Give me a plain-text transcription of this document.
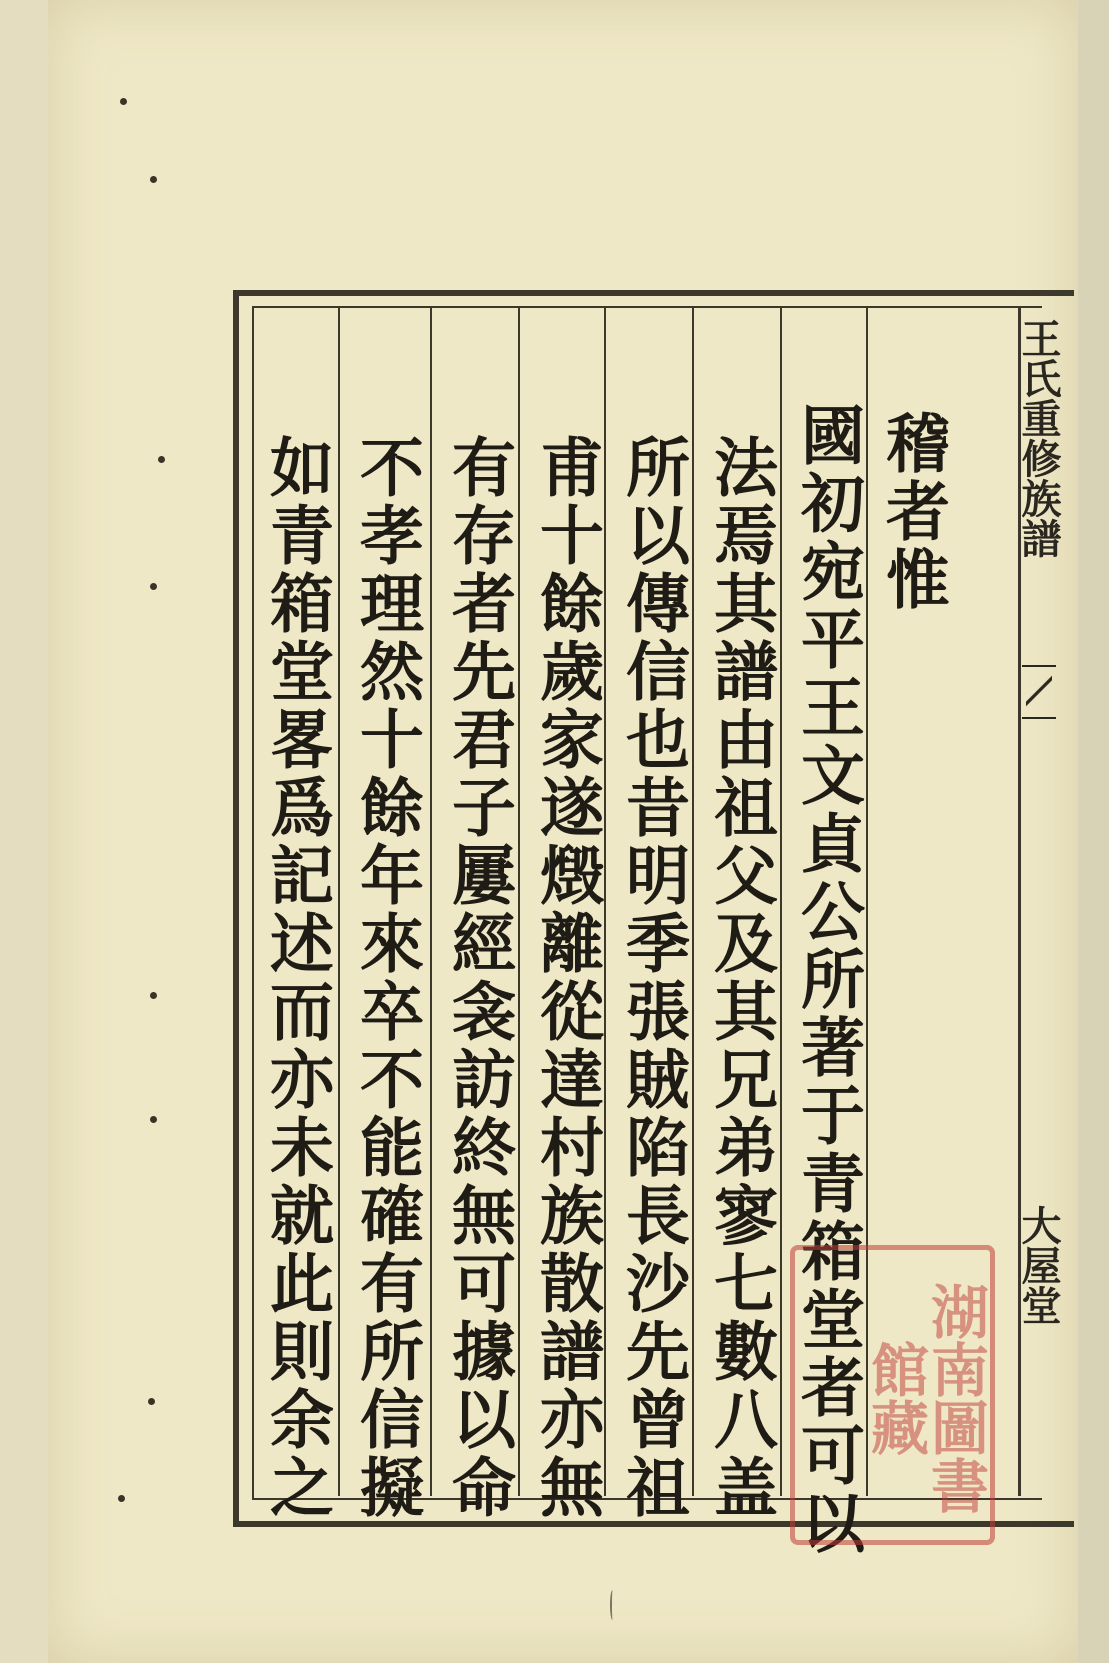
稽者惟
國初宛平王文貞公所著于青箱堂者可以
法焉其譜由祖父及其兄弟寥七數八盖
所以傳信也昔明季張賊陷長沙先曾祖
甫十餘歲家遂燬離從達村族散譜亦無
有存者先君子屢經衾訪終無可據以命
不孝理然十餘年來卒不能確有所信擬
如青箱堂畧爲記述而亦未就此則余之	王氏重修族譜
大屋堂
湖南圖書館藏
